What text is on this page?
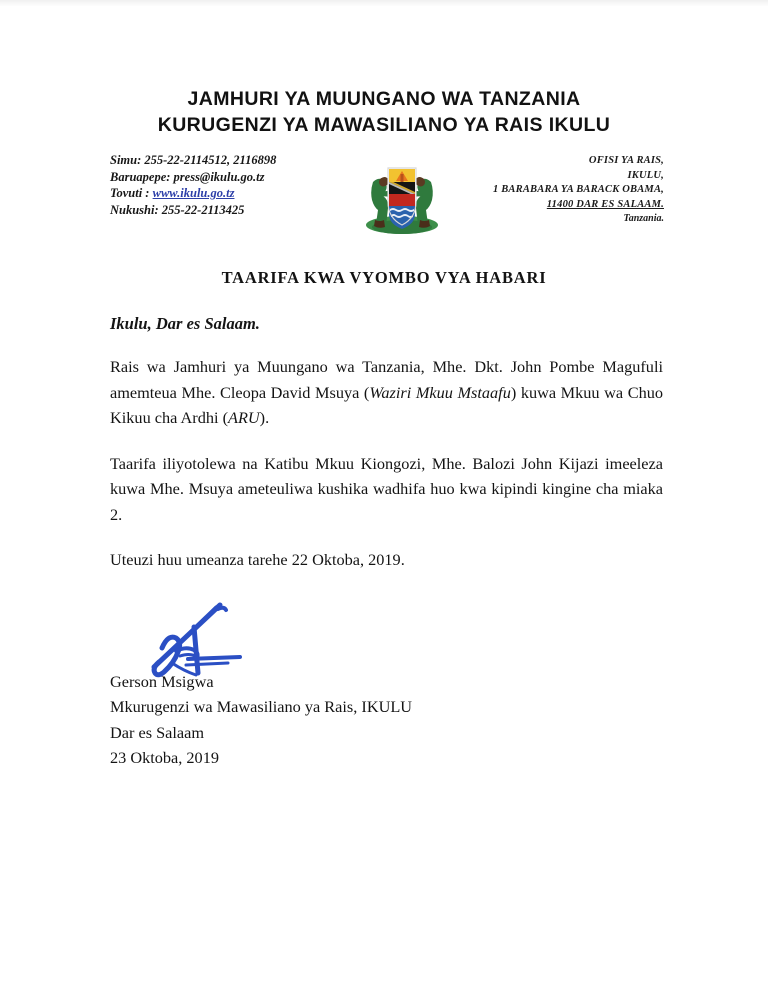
JAMHURI YA MUUNGANO WA TANZANIA
KURUGENZI YA MAWASILIANO YA RAIS IKULU
Simu: 255-22-2114512, 2116898
Baruapepe: press@ikulu.go.tz
Tovuti : www.ikulu.go.tz
Nukushi: 255-22-2113425
OFISI YA RAIS,
IKULU,
1 BARABARA YA BARACK OBAMA,
11400 DAR ES SALAAM.
Tanzania.
TAARIFA KWA VYOMBO VYA HABARI
Ikulu, Dar es Salaam.

Rais wa Jamhuri ya Muungano wa Tanzania, Mhe. Dkt. John Pombe Magufuli amemteua Mhe. Cleopa David Msuya (Waziri Mkuu Mstaafu) kuwa Mkuu wa Chuo Kikuu cha Ardhi (ARU).

Taarifa iliyotolewa na Katibu Mkuu Kiongozi, Mhe. Balozi John Kijazi imeeleza kuwa Mhe. Msuya ameteuliwa kushika wadhifa huo kwa kipindi kingine cha miaka 2.

Uteuzi huu umeanza tarehe 22 Oktoba, 2019.

Gerson Msigwa
Mkurugenzi wa Mawasiliano ya Rais, IKULU
Dar es Salaam
23 Oktoba, 2019
